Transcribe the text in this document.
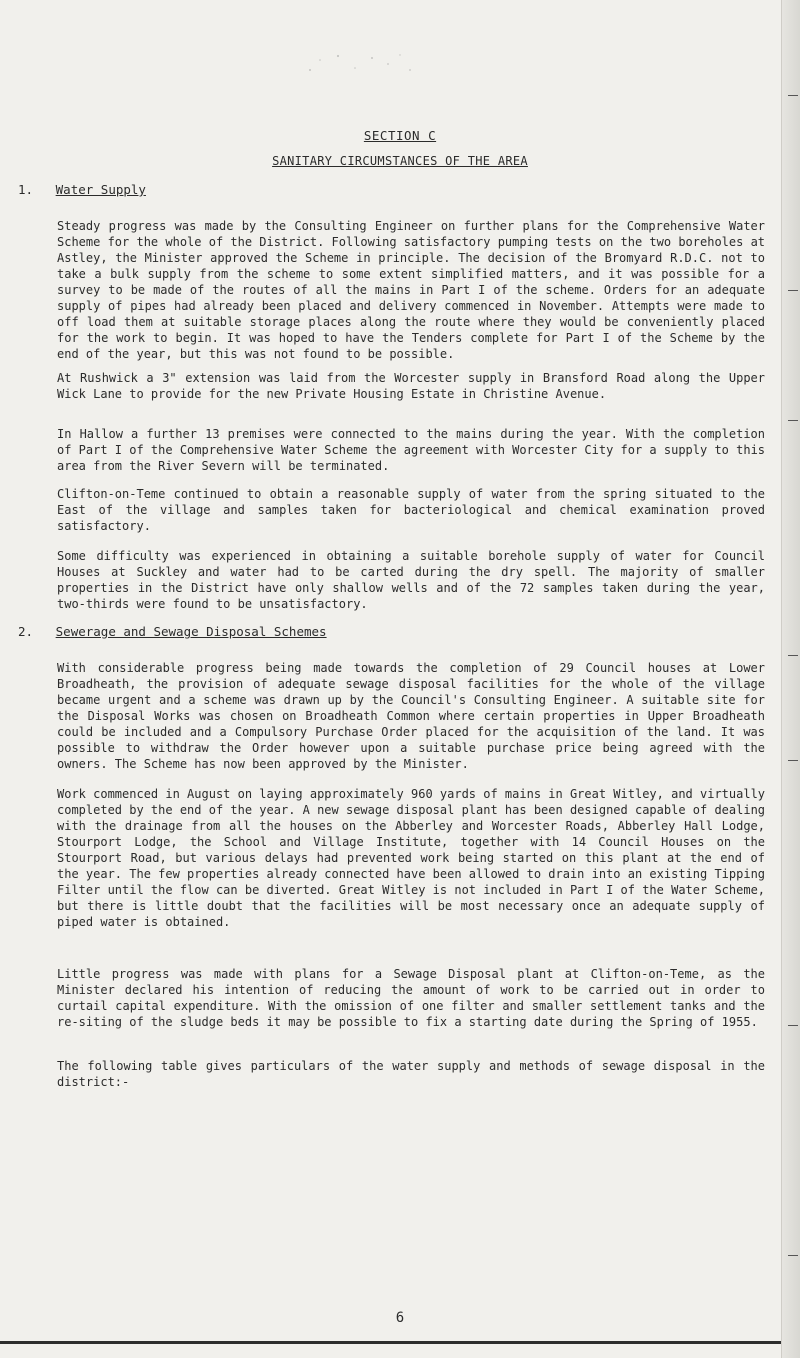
SECTION C
SANITARY CIRCUMSTANCES OF THE AREA
1. Water Supply
Steady progress was made by the Consulting Engineer on further plans for the Comprehensive Water Scheme for the whole of the District. Following satisfactory pumping tests on the two boreholes at Astley, the Minister approved the Scheme in principle. The decision of the Bromyard R.D.C. not to take a bulk supply from the scheme to some extent simplified matters, and it was possible for a survey to be made of the routes of all the mains in Part I of the scheme. Orders for an adequate supply of pipes had already been placed and delivery commenced in November. Attempts were made to off load them at suitable storage places along the route where they would be conveniently placed for the work to begin. It was hoped to have the Tenders complete for Part I of the Scheme by the end of the year, but this was not found to be possible.
At Rushwick a 3" extension was laid from the Worcester supply in Bransford Road along the Upper Wick Lane to provide for the new Private Housing Estate in Christine Avenue.
In Hallow a further 13 premises were connected to the mains during the year. With the completion of Part I of the Comprehensive Water Scheme the agreement with Worcester City for a supply to this area from the River Severn will be terminated.
Clifton-on-Teme continued to obtain a reasonable supply of water from the spring situated to the East of the village and samples taken for bacteriological and chemical examination proved satisfactory.
Some difficulty was experienced in obtaining a suitable borehole supply of water for Council Houses at Suckley and water had to be carted during the dry spell. The majority of smaller properties in the District have only shallow wells and of the 72 samples taken during the year, two-thirds were found to be unsatisfactory.
2. Sewerage and Sewage Disposal Schemes
With considerable progress being made towards the completion of 29 Council houses at Lower Broadheath, the provision of adequate sewage disposal facilities for the whole of the village became urgent and a scheme was drawn up by the Council's Consulting Engineer. A suitable site for the Disposal Works was chosen on Broadheath Common where certain properties in Upper Broadheath could be included and a Compulsory Purchase Order placed for the acquisition of the land. It was possible to withdraw the Order however upon a suitable purchase price being agreed with the owners. The Scheme has now been approved by the Minister.
Work commenced in August on laying approximately 960 yards of mains in Great Witley, and virtually completed by the end of the year. A new sewage disposal plant has been designed capable of dealing with the drainage from all the houses on the Abberley and Worcester Roads, Abberley Hall Lodge, Stourport Lodge, the School and Village Institute, together with 14 Council Houses on the Stourport Road, but various delays had prevented work being started on this plant at the end of the year. The few properties already connected have been allowed to drain into an existing Tipping Filter until the flow can be diverted. Great Witley is not included in Part I of the Water Scheme, but there is little doubt that the facilities will be most necessary once an adequate supply of piped water is obtained.
Little progress was made with plans for a Sewage Disposal plant at Clifton-on-Teme, as the Minister declared his intention of reducing the amount of work to be carried out in order to curtail capital expenditure. With the omission of one filter and smaller settlement tanks and the re-siting of the sludge beds it may be possible to fix a starting date during the Spring of 1955.
The following table gives particulars of the water supply and methods of sewage disposal in the district:-
6
